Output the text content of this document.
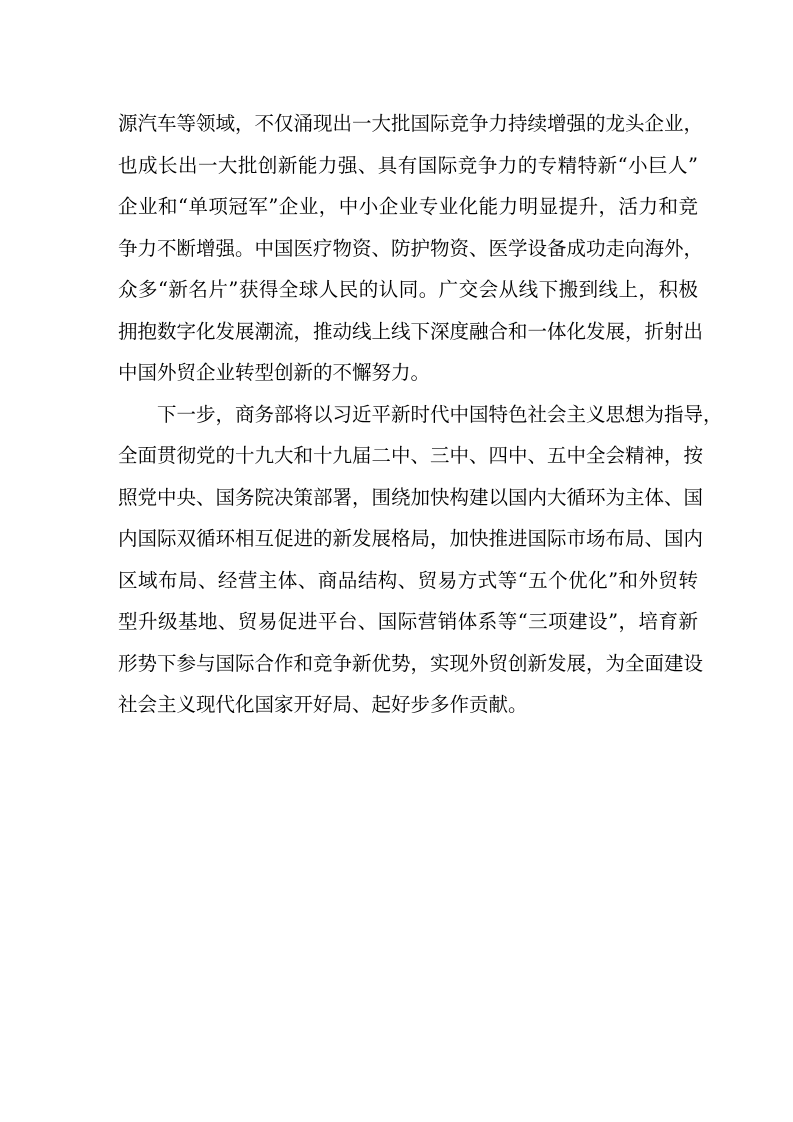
源汽车等领域，不仅涌现出一大批国际竞争力持续增强的龙头企业，
也成长出一大批创新能力强、具有国际竞争力的专精特新“小巨人”
企业和“单项冠军”企业，中小企业专业化能力明显提升，活力和竞
争力不断增强。中国医疗物资、防护物资、医学设备成功走向海外，
众多“新名片”获得全球人民的认同。广交会从线下搬到线上，积极
拥抱数字化发展潮流，推动线上线下深度融合和一体化发展，折射出
中国外贸企业转型创新的不懈努力。
下一步，商务部将以习近平新时代中国特色社会主义思想为指导，
全面贯彻党的十九大和十九届二中、三中、四中、五中全会精神，按
照党中央、国务院决策部署，围绕加快构建以国内大循环为主体、国
内国际双循环相互促进的新发展格局，加快推进国际市场布局、国内
区域布局、经营主体、商品结构、贸易方式等“五个优化”和外贸转
型升级基地、贸易促进平台、国际营销体系等“三项建设”，培育新
形势下参与国际合作和竞争新优势，实现外贸创新发展，为全面建设
社会主义现代化国家开好局、起好步多作贡献。
